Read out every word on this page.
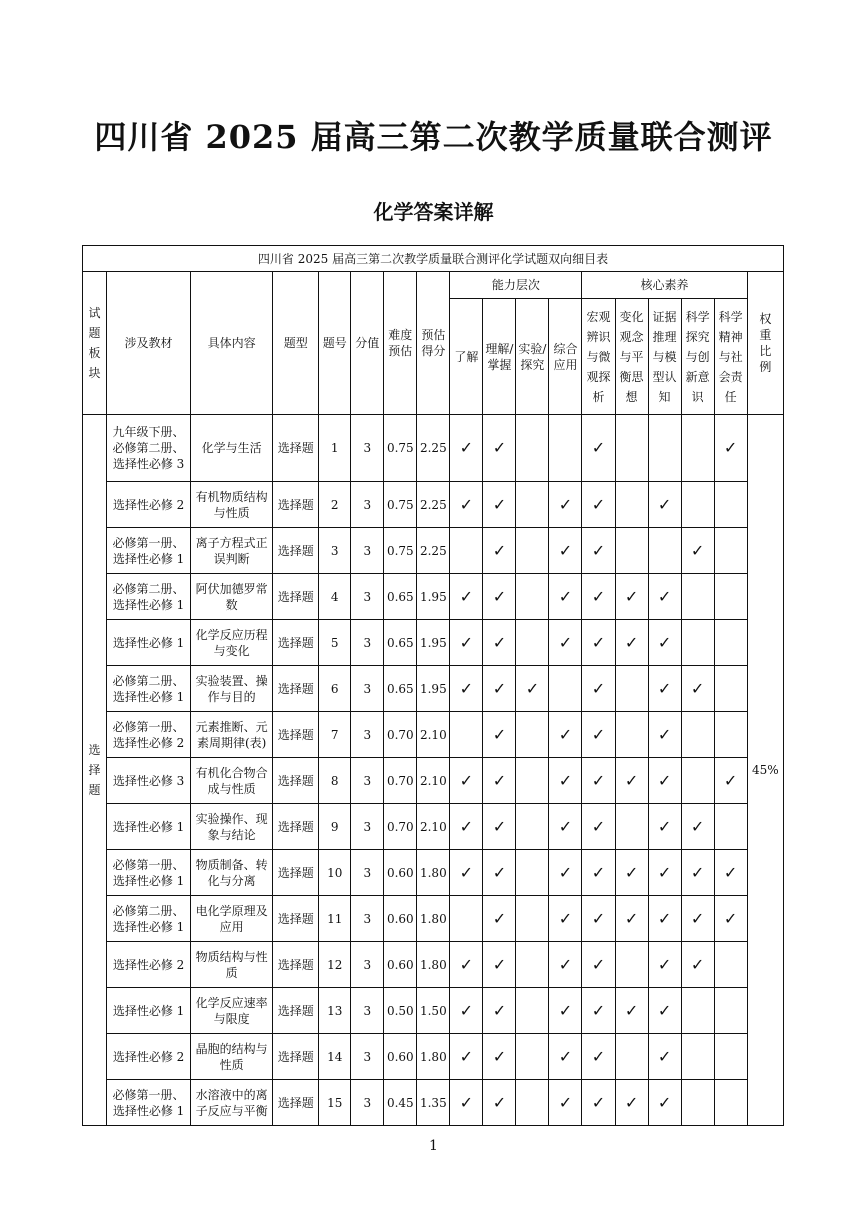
四川省 2025 届高三第二次教学质量联合测评
化学答案详解
四川省 2025 届高三第二次教学质量联合测评化学试题双向细目表																	
试题板块	涉及教材	具体内容	题型	题号	分值	难度预估	预估得分	能力层次				核心素养					权重比例
								了解	理解/掌握	实验/探究	综合应用	宏观辨识与微观探析	变化观念与平衡思想	证据推理与模型认知	科学探究与创新意识	科学精神与社会责任	
选择题	九年级下册、必修第二册、选择性必修 3	化学与生活	选择题	1	3	0.75	2.25	✓	✓			✓				✓	45%
	选择性必修 2	有机物质结构与性质	选择题	2	3	0.75	2.25	✓	✓		✓	✓		✓			
	必修第一册、选择性必修 1	离子方程式正误判断	选择题	3	3	0.75	2.25		✓		✓	✓			✓		
	必修第二册、选择性必修 1	阿伏加德罗常数	选择题	4	3	0.65	1.95	✓	✓		✓	✓	✓	✓			
	选择性必修 1	化学反应历程与变化	选择题	5	3	0.65	1.95	✓	✓		✓	✓	✓	✓			
	必修第二册、选择性必修 1	实验装置、操作与目的	选择题	6	3	0.65	1.95	✓	✓	✓		✓		✓	✓		
	必修第一册、选择性必修 2	元素推断、元素周期律(表)	选择题	7	3	0.70	2.10		✓		✓	✓		✓			
	选择性必修 3	有机化合物合成与性质	选择题	8	3	0.70	2.10	✓	✓		✓	✓	✓	✓		✓	
	选择性必修 1	实验操作、现象与结论	选择题	9	3	0.70	2.10	✓	✓		✓	✓		✓	✓		
	必修第一册、选择性必修 1	物质制备、转化与分离	选择题	10	3	0.60	1.80	✓	✓		✓	✓	✓	✓	✓	✓	
	必修第二册、选择性必修 1	电化学原理及应用	选择题	11	3	0.60	1.80		✓		✓	✓	✓	✓	✓	✓	
	选择性必修 2	物质结构与性质	选择题	12	3	0.60	1.80	✓	✓		✓	✓		✓	✓		
	选择性必修 1	化学反应速率与限度	选择题	13	3	0.50	1.50	✓	✓		✓	✓	✓	✓			
	选择性必修 2	晶胞的结构与性质	选择题	14	3	0.60	1.80	✓	✓		✓	✓		✓			
	必修第一册、选择性必修 1	水溶液中的离子反应与平衡	选择题	15	3	0.45	1.35	✓	✓		✓	✓	✓	✓			
1
